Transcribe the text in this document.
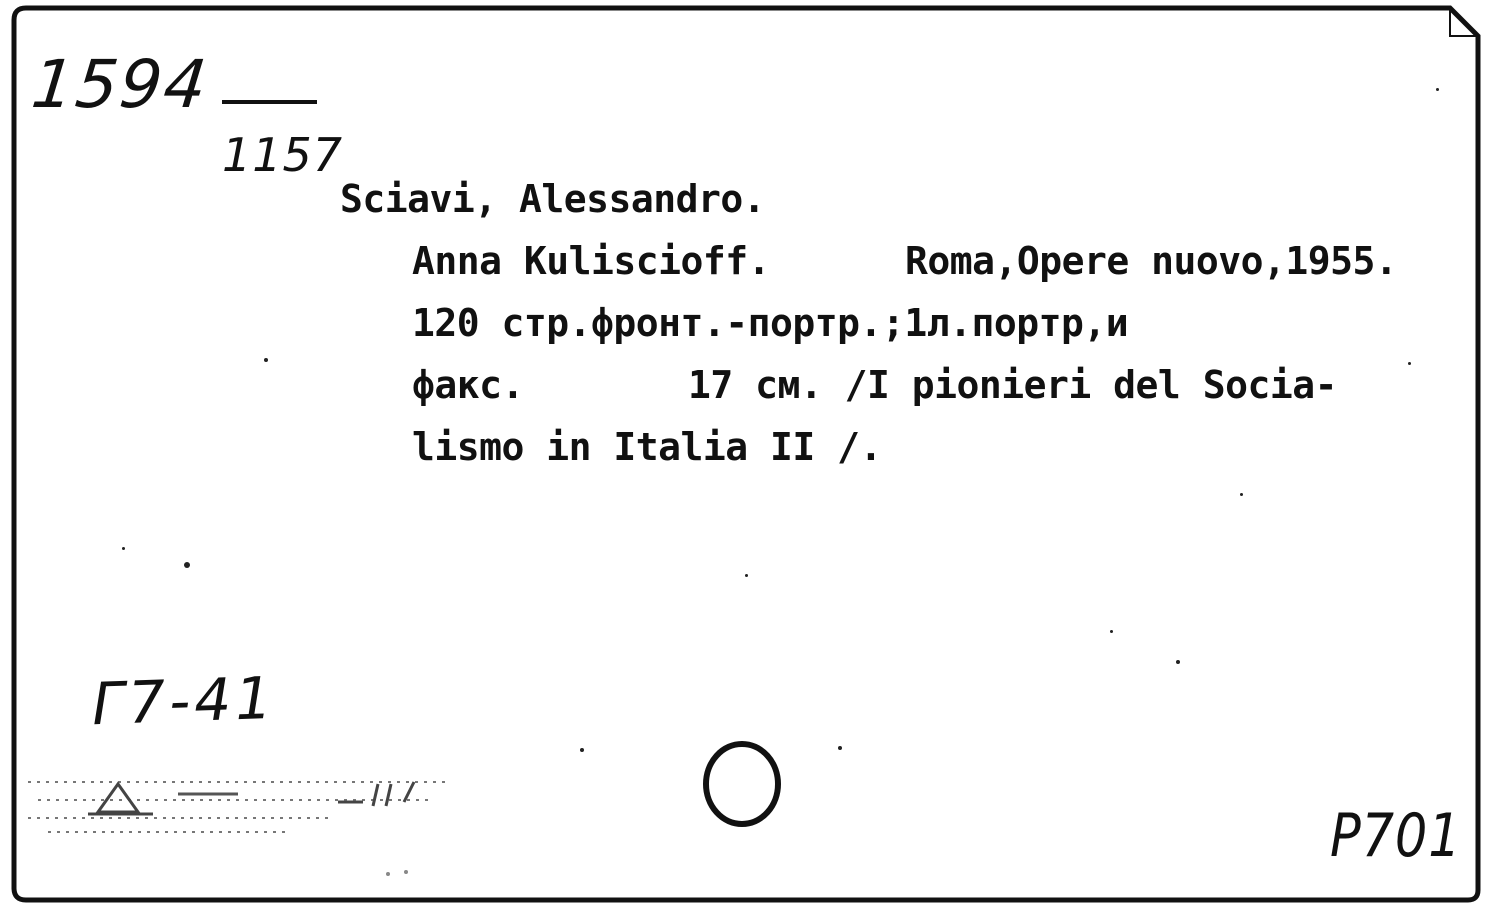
1594
1157
Sciavi, Alessandro.
Anna Kuliscioff.	Roma,Opere nuovo,1955.
120 стр.фронт.-портр.;1л.портр,и
факс.	17 см. /I pionieri del Socia-
lismo in Italia II /.
Г7-41
P701
